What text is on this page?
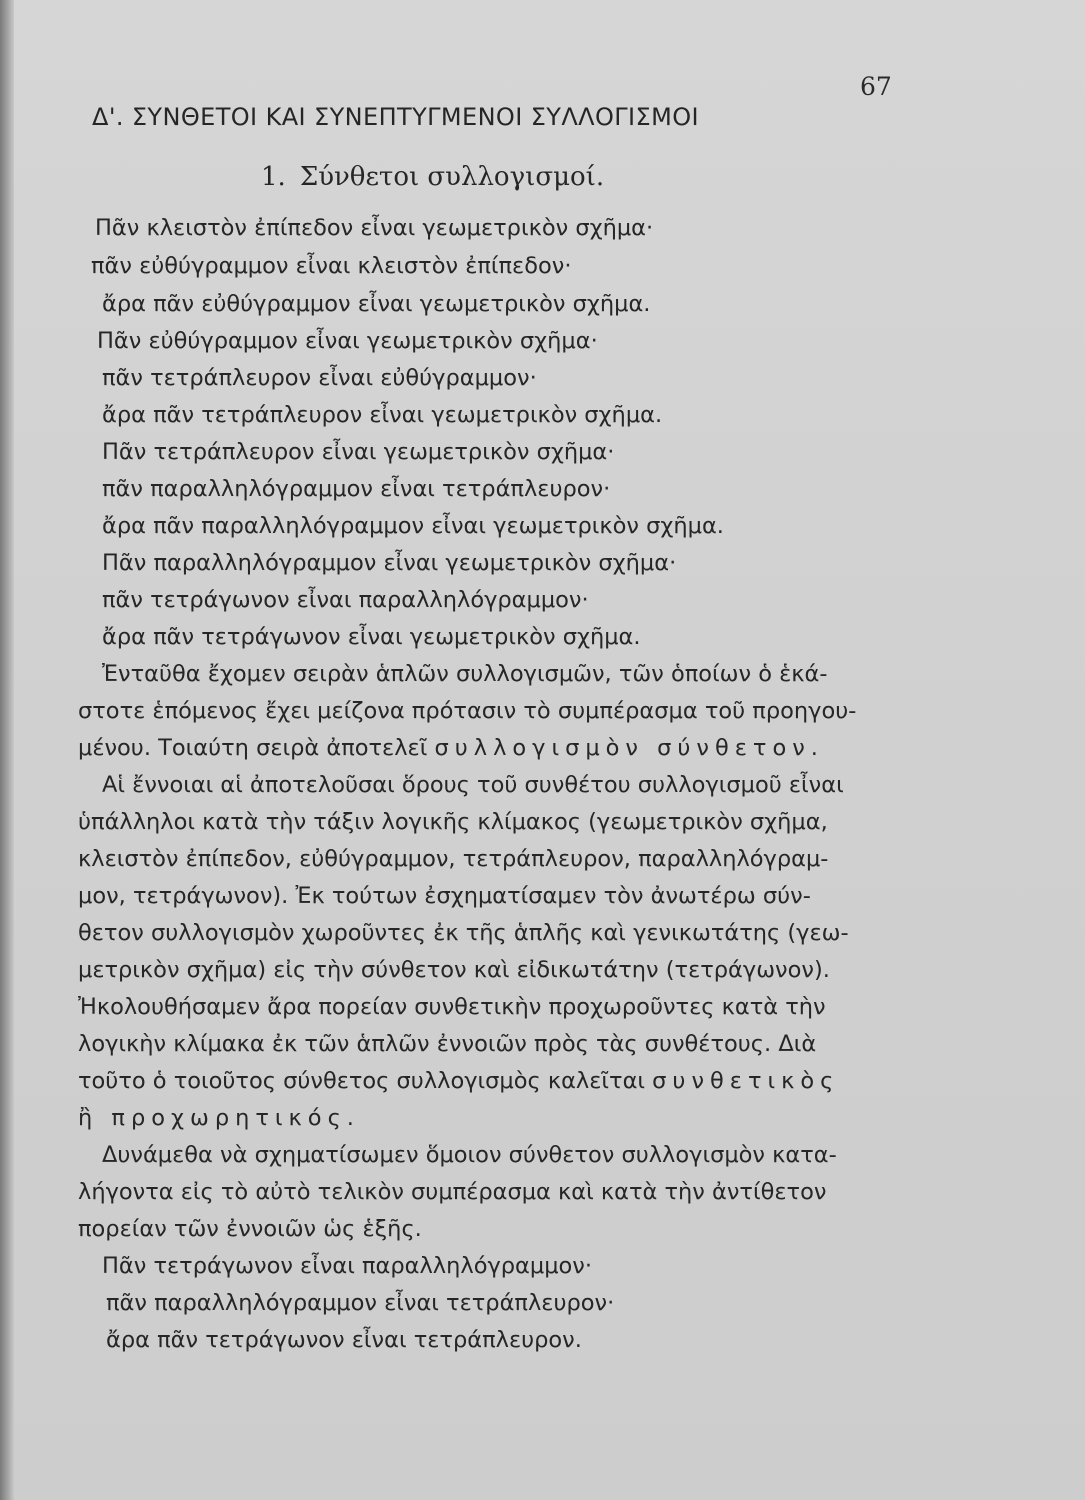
67
Δ'. ΣΥΝΘΕΤΟΙ ΚΑΙ ΣΥΝΕΠΤΥΓΜΕΝΟΙ ΣΥΛΛΟΓΙΣΜΟΙ
1. Σύνθετοι συλλογισμοί.
Πᾶν κλειστὸν ἐπίπεδον εἶναι γεωμετρικὸν σχῆμα·
πᾶν εὐθύγραμμον εἶναι κλειστὸν ἐπίπεδον·
ἄρα πᾶν εὐθύγραμμον εἶναι γεωμετρικὸν σχῆμα.
Πᾶν εὐθύγραμμον εἶναι γεωμετρικὸν σχῆμα·
πᾶν τετράπλευρον εἶναι εὐθύγραμμον·
ἄρα πᾶν τετράπλευρον εἶναι γεωμετρικὸν σχῆμα.
Πᾶν τετράπλευρον εἶναι γεωμετρικὸν σχῆμα·
πᾶν παραλληλόγραμμον εἶναι τετράπλευρον·
ἄρα πᾶν παραλληλόγραμμον εἶναι γεωμετρικὸν σχῆμα.
Πᾶν παραλληλόγραμμον εἶναι γεωμετρικὸν σχῆμα·
πᾶν τετράγωνον εἶναι παραλληλόγραμμον·
ἄρα πᾶν τετράγωνον εἶναι γεωμετρικὸν σχῆμα.
Ἐνταῦθα ἔχομεν σειρὰν ἁπλῶν συλλογισμῶν, τῶν ὁποίων ὁ ἑκά-
στοτε ἑπόμενος ἔχει μείζονα πρότασιν τὸ συμπέρασμα τοῦ προηγου-
μένου. Τοιαύτη σειρὰ ἀποτελεῖ συλλογισμὸν σύνθετον.
Αἱ ἔννοιαι αἱ ἀποτελοῦσαι ὅρους τοῦ συνθέτου συλλογισμοῦ εἶναι
ὑπάλληλοι κατὰ τὴν τάξιν λογικῆς κλίμακος (γεωμετρικὸν σχῆμα,
κλειστὸν ἐπίπεδον, εὐθύγραμμον, τετράπλευρον, παραλληλόγραμ-
μον, τετράγωνον). Ἐκ τούτων ἐσχηματίσαμεν τὸν ἀνωτέρω σύν-
θετον συλλογισμὸν χωροῦντες ἐκ τῆς ἁπλῆς καὶ γενικωτάτης (γεω-
μετρικὸν σχῆμα) εἰς τὴν σύνθετον καὶ εἰδικωτάτην (τετράγωνον).
Ἠκολουθήσαμεν ἄρα πορείαν συνθετικὴν προχωροῦντες κατὰ τὴν
λογικὴν κλίμακα ἐκ τῶν ἁπλῶν ἐννοιῶν πρὸς τὰς συνθέτους. Διὰ
τοῦτο ὁ τοιοῦτος σύνθετος συλλογισμὸς καλεῖται συνθετικὸς
ἢ προχωρητικός.
Δυνάμεθα νὰ σχηματίσωμεν ὅμοιον σύνθετον συλλογισμὸν κατα-
λήγοντα εἰς τὸ αὐτὸ τελικὸν συμπέρασμα καὶ κατὰ τὴν ἀντίθετον
πορείαν τῶν ἐννοιῶν ὡς ἑξῆς.
Πᾶν τετράγωνον εἶναι παραλληλόγραμμον·
πᾶν παραλληλόγραμμον εἶναι τετράπλευρον·
ἄρα πᾶν τετράγωνον εἶναι τετράπλευρον.
